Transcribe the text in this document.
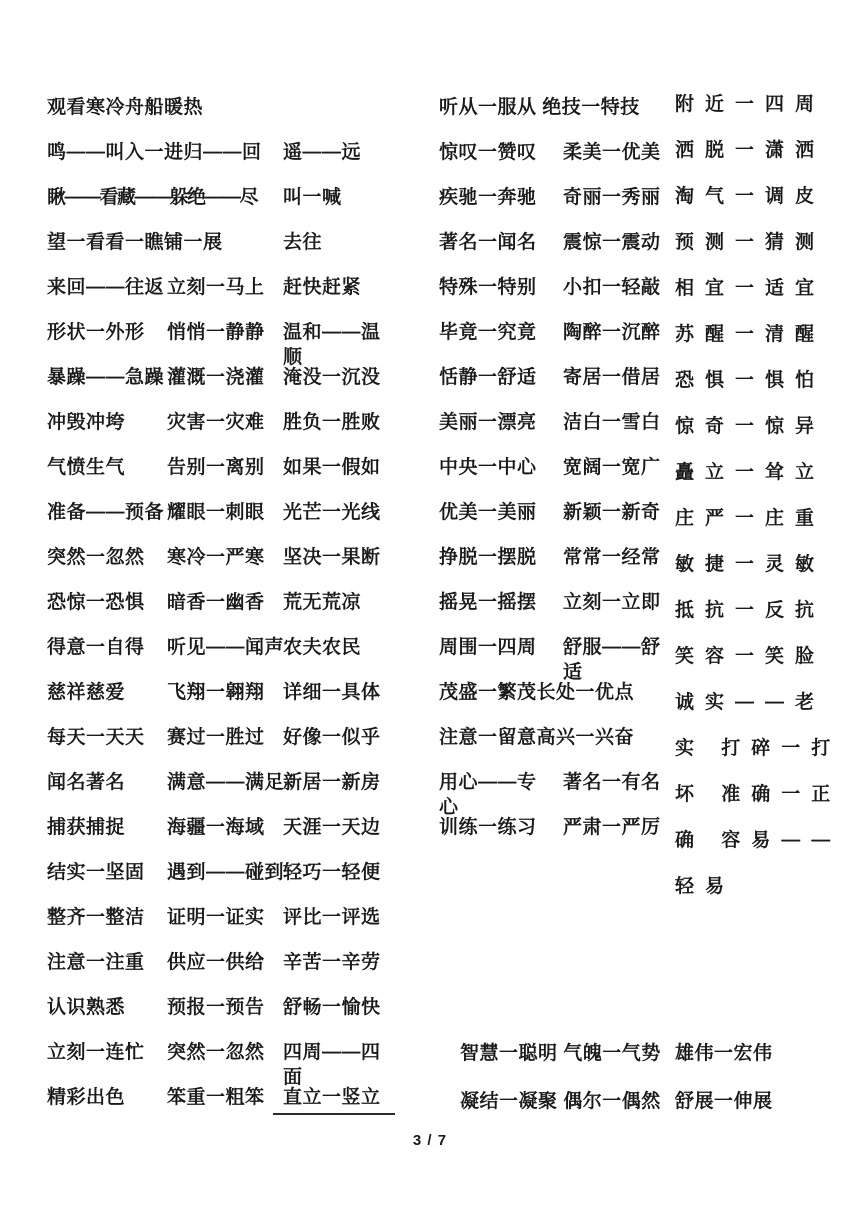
观看寒冷舟船暖热
鸣——叫入一进归——回 遥——远
瞅——看藏——躲绝——尽 叫一喊
望一看看一瞧铺一展	去往
来回——往返 立刻一马上 赶快赶紧
形状一外形 悄悄一静静 温和——温顺
暴躁——急躁 灌溉一浇灌 淹没一沉没
冲毁冲垮 灾害一灾难 胜负一胜败
气愤生气 告别一离别 如果一假如
准备——预备 耀眼一刺眼 光芒一光线
突然一忽然 寒冷一严寒 坚决一果断
恐惊一恐惧 暗香一幽香 荒无荒凉
得意一自得 听见——闻声
农夫农民
慈祥慈爱 飞翔一翱翔 详细一具体
每天一天天 赛过一胜过 好像一似乎
闻名著名 满意——满足
新居一新房
捕获捕捉 海疆一海域 天涯一天边
结实一坚固 遇到——碰到
轻巧一轻便
整齐一整洁 证明一证实 评比一评选
注意一注重 供应一供给 辛苦一辛劳
认识熟悉 预报一预告 舒畅一愉快
立刻一连忙 突然一忽然 四周——四面
精彩出色 笨重一粗笨 直立一竖立
听从一服从 绝技一特技
惊叹一赞叹 柔美一优美
疾驰一奔驰 奇丽一秀丽
著名一闻名 震惊一震动
特殊一特别 小扣一轻敲
毕竟一究竟 陶醉一沉醉
恬静一舒适 寄居一借居
美丽一漂亮 洁白一雪白
中央一中心 宽阔一宽广
优美一美丽 新颖一新奇
挣脱一摆脱 常常一经常
摇晃一摇摆 立刻一立即
周围一四周 舒服——舒适
茂盛一繁茂长处一优点
注意一留意高兴一兴奋
用心——专心
著名一有名
训练一练习 严肃一严厉
附近一四周
洒脱一潇洒
淘气一调皮
预测一猜测
相宜一适宜
苏醒一清醒
恐惧一惧怕
惊奇一惊异
矗立一耸立
庄严一庄重
敏捷一灵敏
抵抗一反抗
笑容一笑脸
诚实——老实 打碎一打坏 准确一正确 容易——轻易
智慧一聪明 气魄一气势 雄伟一宏伟
凝结一凝聚 偶尔一偶然 舒展一伸展
3 / 7
